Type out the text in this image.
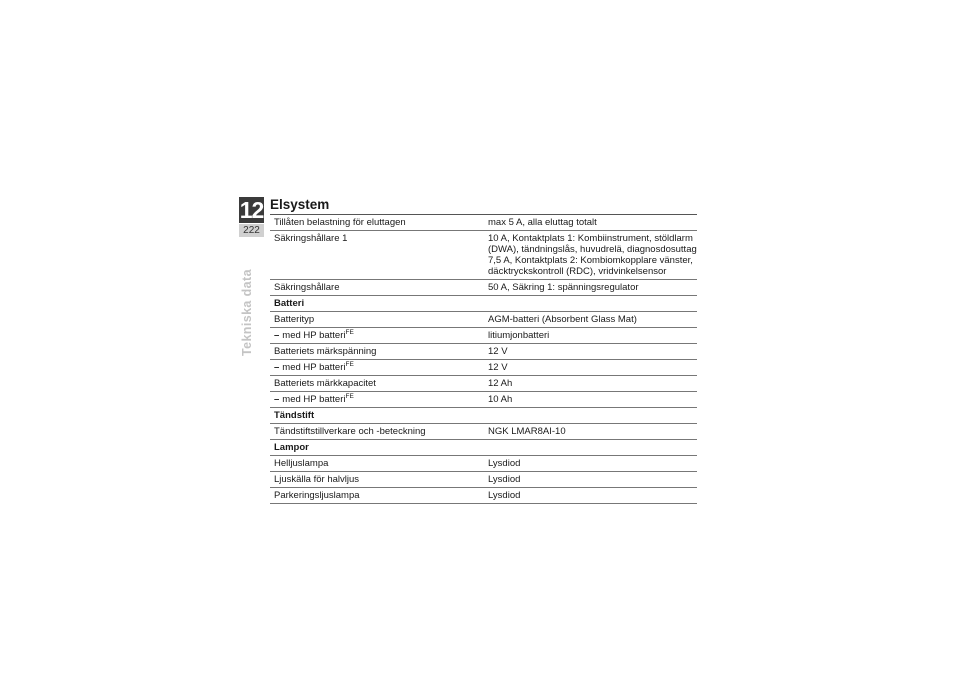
12
222
Tekniska data
Elsystem
Tillåten belastning för eluttagen	max 5 A, alla eluttag totalt
Säkringshållare 1	10 A, Kontaktplats 1: Kombiinstrument, stöldlarm
(DWA), tändningslås, huvudrelä, diagnosdosuttag
7,5 A, Kontaktplats 2: Kombiomkopplare vänster,
däcktryckskontroll (RDC), vridvinkelsensor
Säkringshållare	50 A, Säkring 1: spänningsregulator
Batteri
Batterityp	AGM-batteri (Absorbent Glass Mat)
– med HP batteri$^{FE}$	litiumjonbatteri
Batteriets märkspänning	12 V
– med HP batteri$^{FE}$	12 V
Batteriets märkkapacitet	12 Ah
– med HP batteri$^{FE}$	10 Ah
Tändstift
Tändstiftstillverkare och -beteckning	NGK LMAR8AI-10
Lampor
Helljuslampa	Lysdiod
Ljuskälla för halvljus	Lysdiod
Parkeringsljuslampa	Lysdiod
